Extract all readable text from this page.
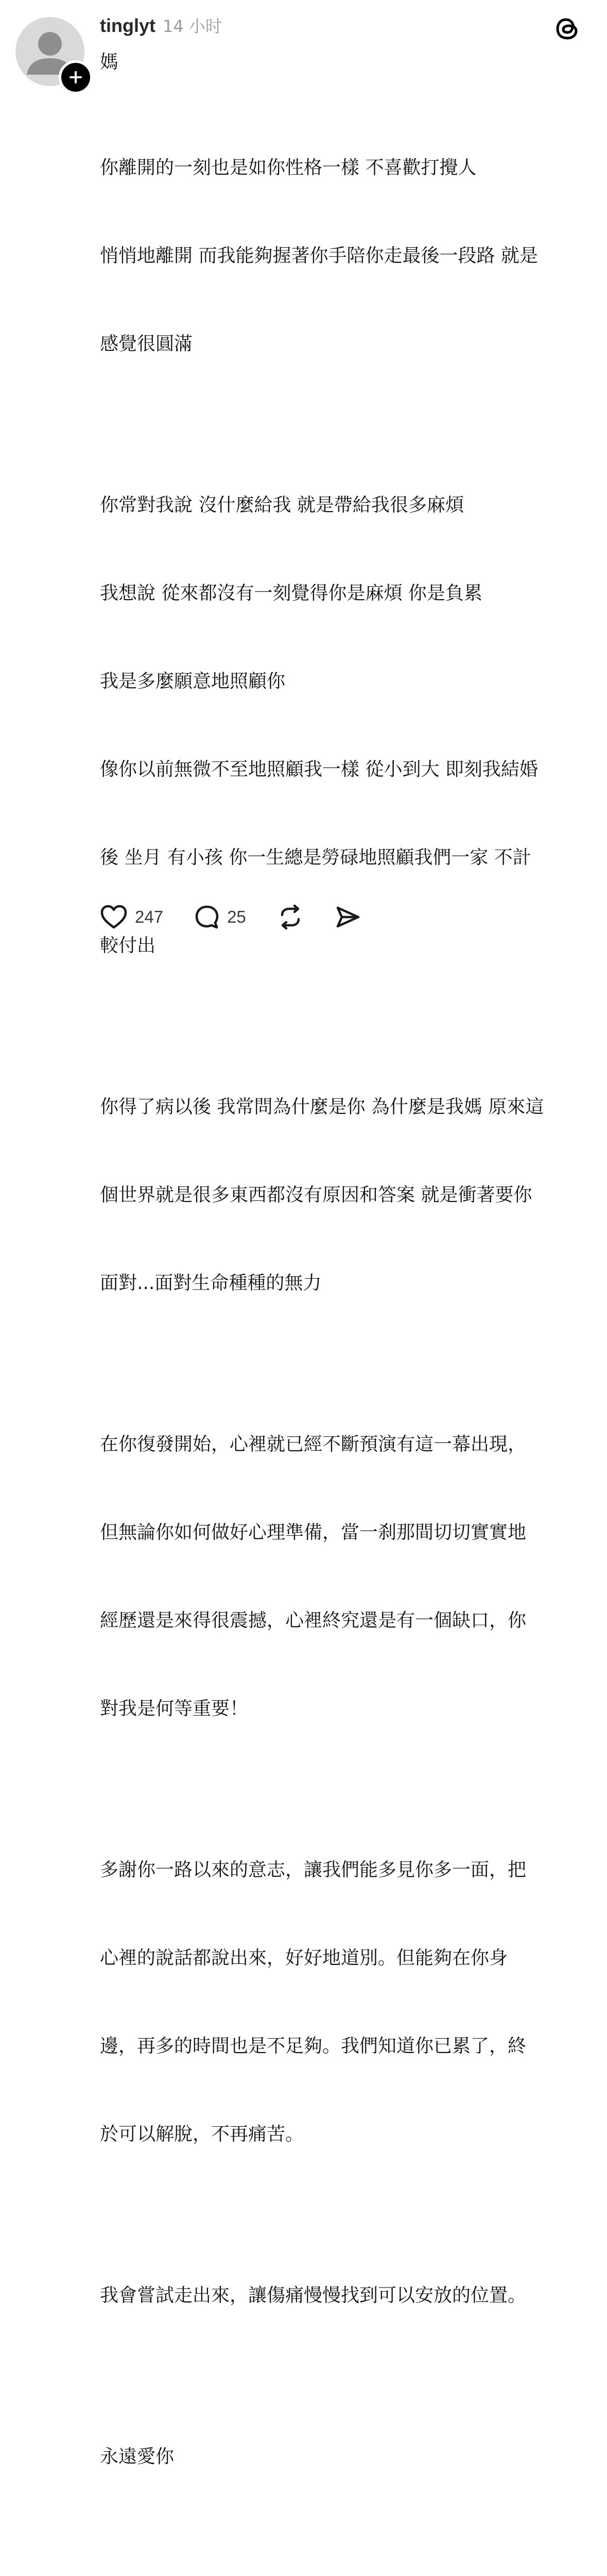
tinglyt 14 小时
媽

你離開的一刻也是如你性格一樣 不喜歡打攪人

悄悄地離開 而我能夠握著你手陪你走最後一段路 就是

感覺很圓滿

你常對我說 沒什麼給我 就是帶給我很多麻煩

我想說 從來都沒有一刻覺得你是麻煩 你是負累

我是多麼願意地照顧你

像你以前無微不至地照顧我一樣 從小到大 即刻我結婚

後 坐月 有小孩 你一生總是勞碌地照顧我們一家 不計

較付出

你得了病以後 我常問為什麼是你 為什麼是我媽 原來這

個世界就是很多東西都沒有原因和答案 就是衝著要你

面對...面對生命種種的無力

在你復發開始，心裡就已經不斷預演有這一幕出現，

但無論你如何做好心理準備，當一刹那間切切實實地

經歷還是來得很震撼，心裡終究還是有一個缺口，你

對我是何等重要！

多謝你一路以來的意志，讓我們能多見你多一面，把

心裡的說話都說出來，好好地道別。但能夠在你身

邊，再多的時間也是不足夠。我們知道你已累了，終

於可以解脫，不再痛苦。

我會嘗試走出來，讓傷痛慢慢找到可以安放的位置。

永遠愛你

247	25
